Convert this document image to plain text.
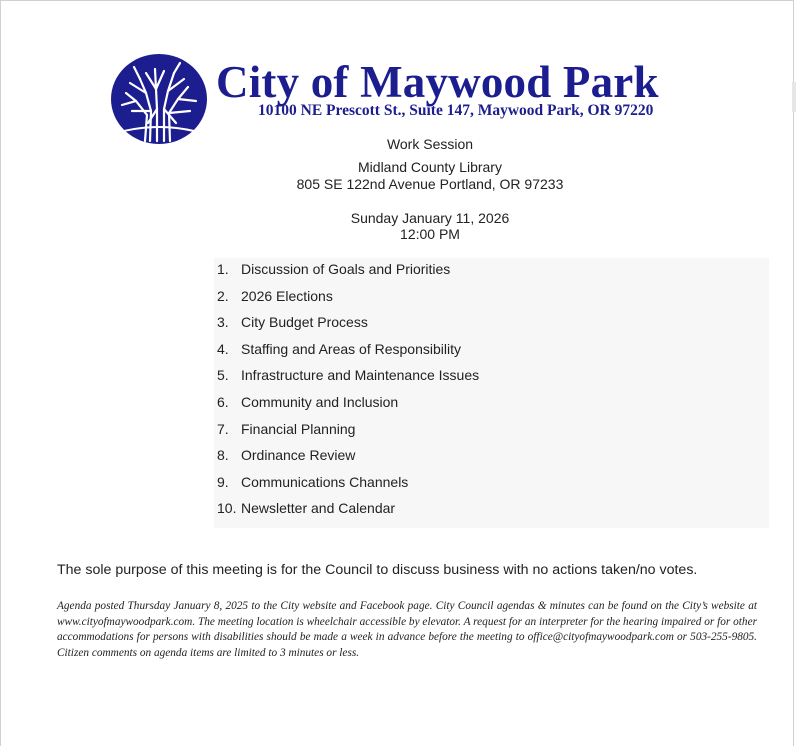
City of Maywood Park
10100 NE Prescott St., Suite 147, Maywood Park, OR 97220
Work Session
Midland County Library
805 SE 122nd Avenue Portland, OR 97233
Sunday January 11, 2026
12:00 PM
1. Discussion of Goals and Priorities
2. 2026 Elections
3. City Budget Process
4. Staffing and Areas of Responsibility
5. Infrastructure and Maintenance Issues
6. Community and Inclusion
7. Financial Planning
8. Ordinance Review
9. Communications Channels
10. Newsletter and Calendar
The sole purpose of this meeting is for the Council to discuss business with no actions taken/no votes.
Agenda posted Thursday January 8, 2025 to the City website and Facebook page. City Council agendas & minutes can be found on the City’s website at www.cityofmaywoodpark.com. The meeting location is wheelchair accessible by elevator. A request for an interpreter for the hearing impaired or for other accommodations for persons with disabilities should be made a week in advance before the meeting to office@cityofmaywoodpark.com or 503-255-9805. Citizen comments on agenda items are limited to 3 minutes or less.
